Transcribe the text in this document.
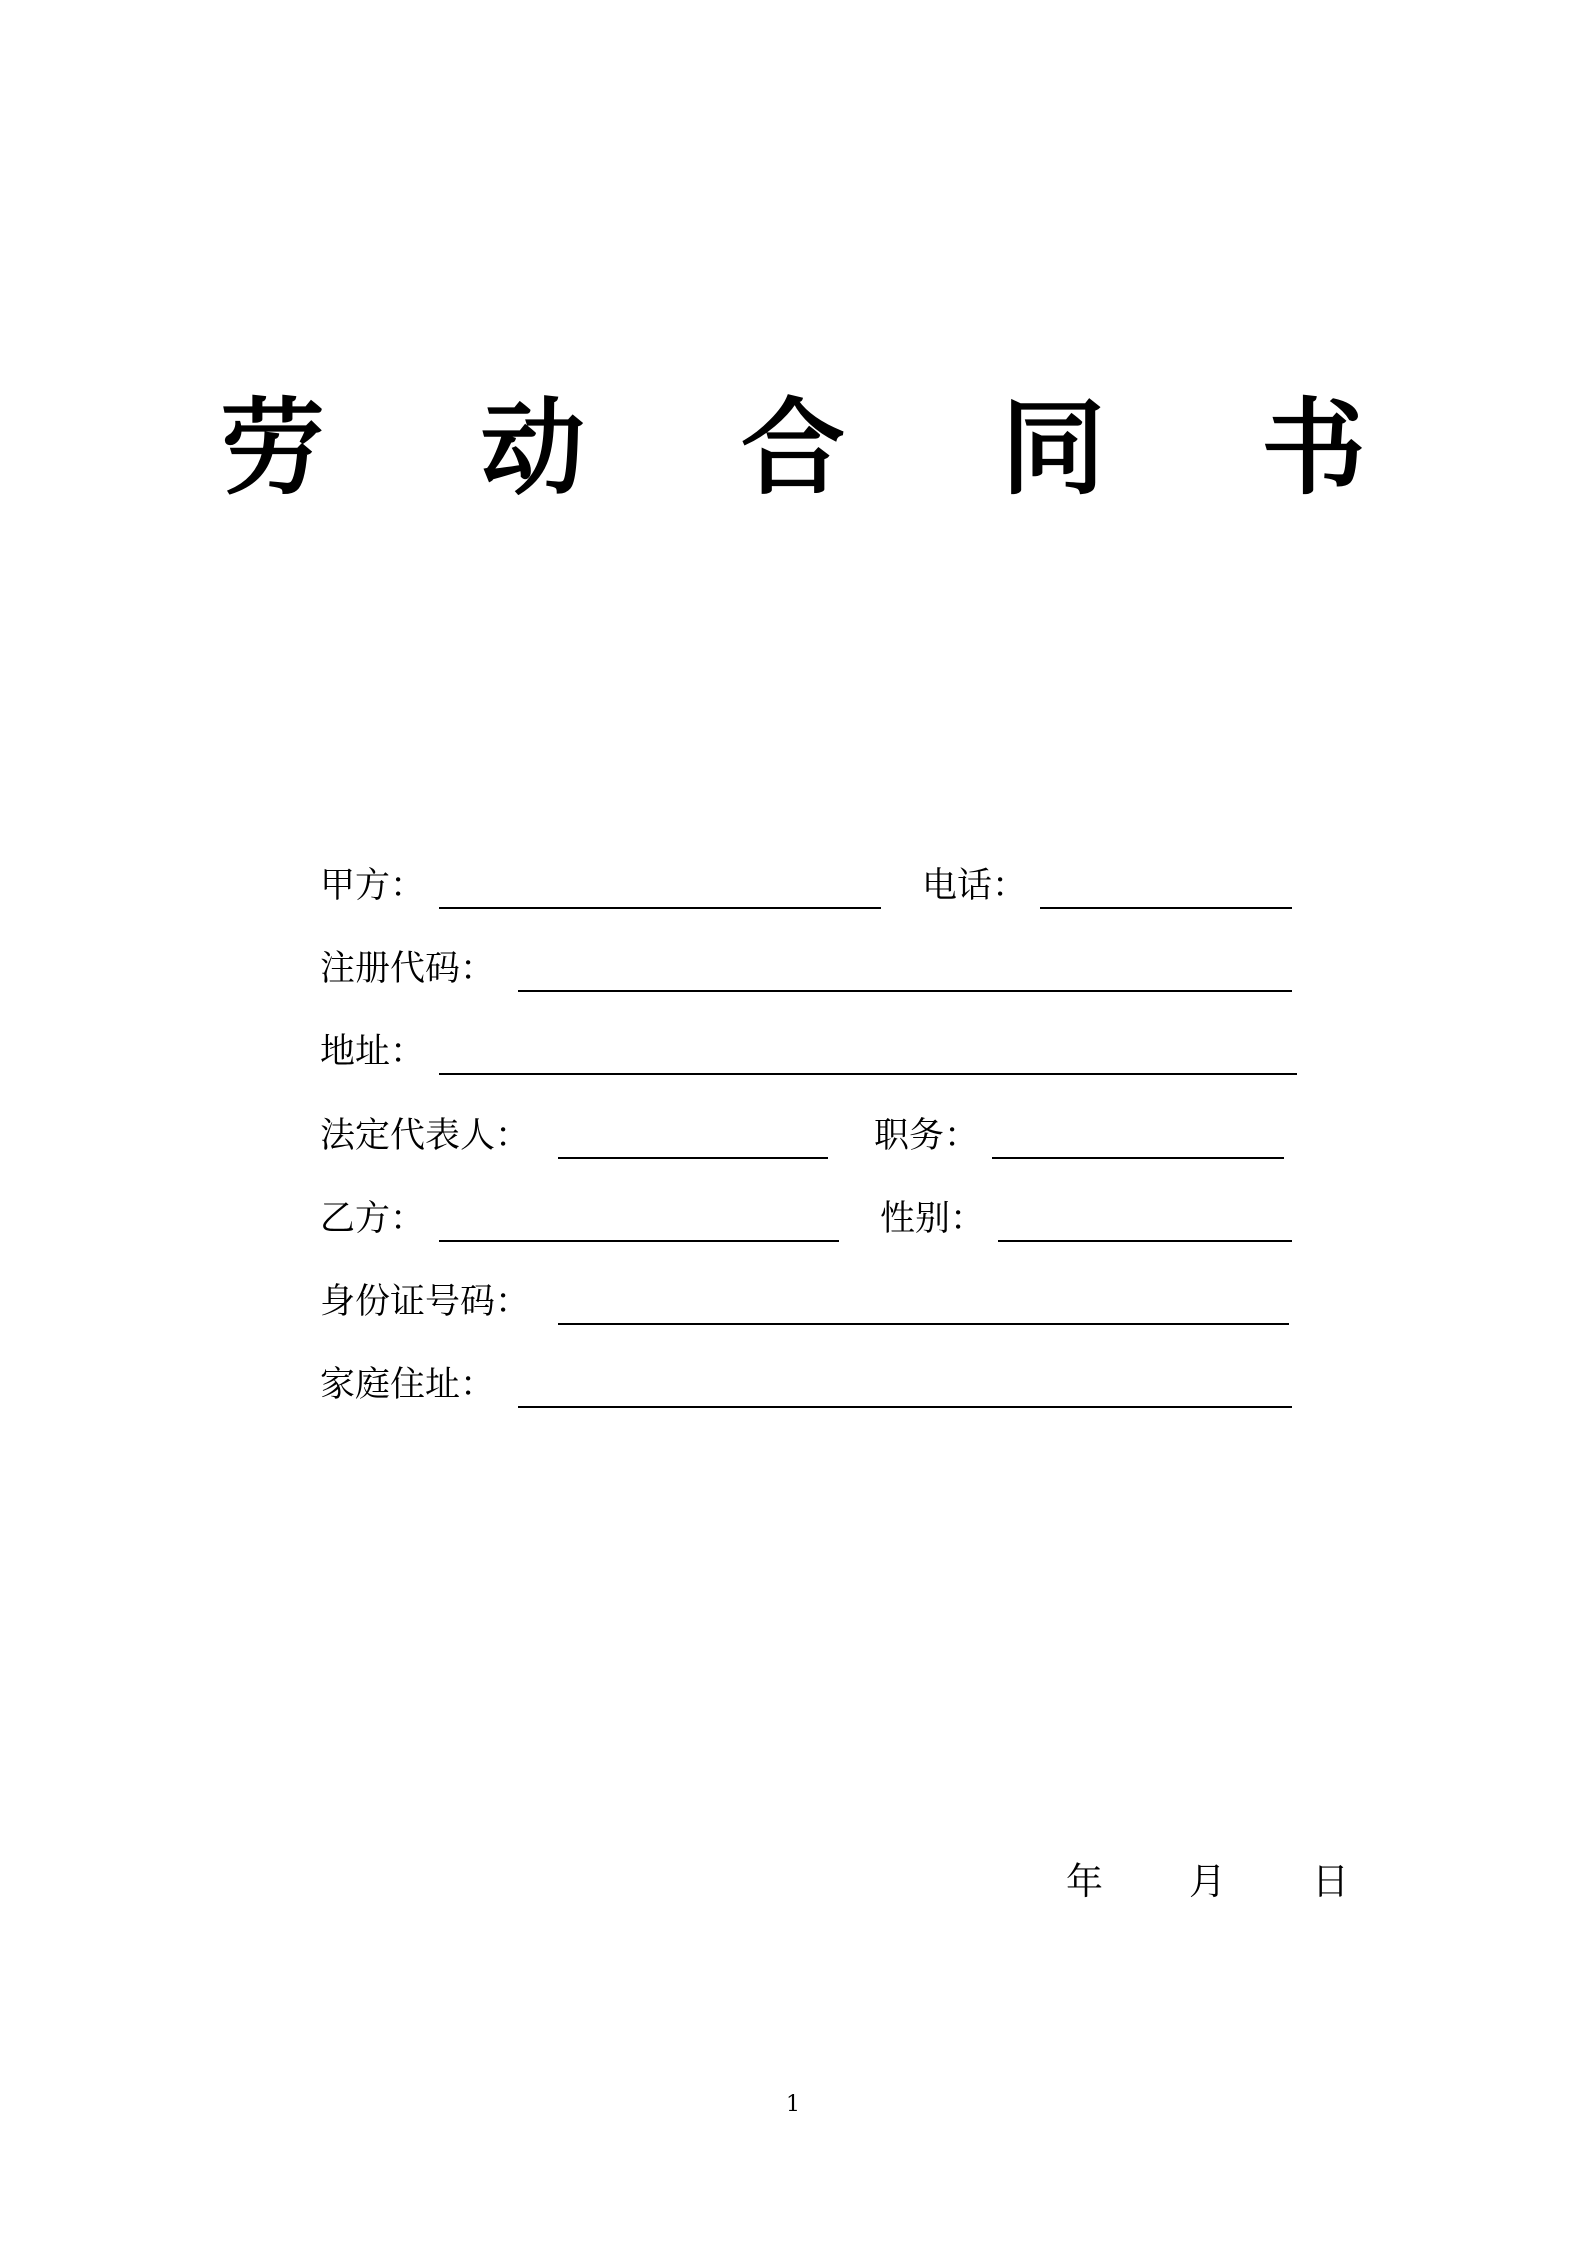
劳 动 合 同 书
甲方：	电话：
注册代码：
地址：
法定代表人：	职务：
乙方：	性别：
身份证号码：
家庭住址：
年 月 日
1
